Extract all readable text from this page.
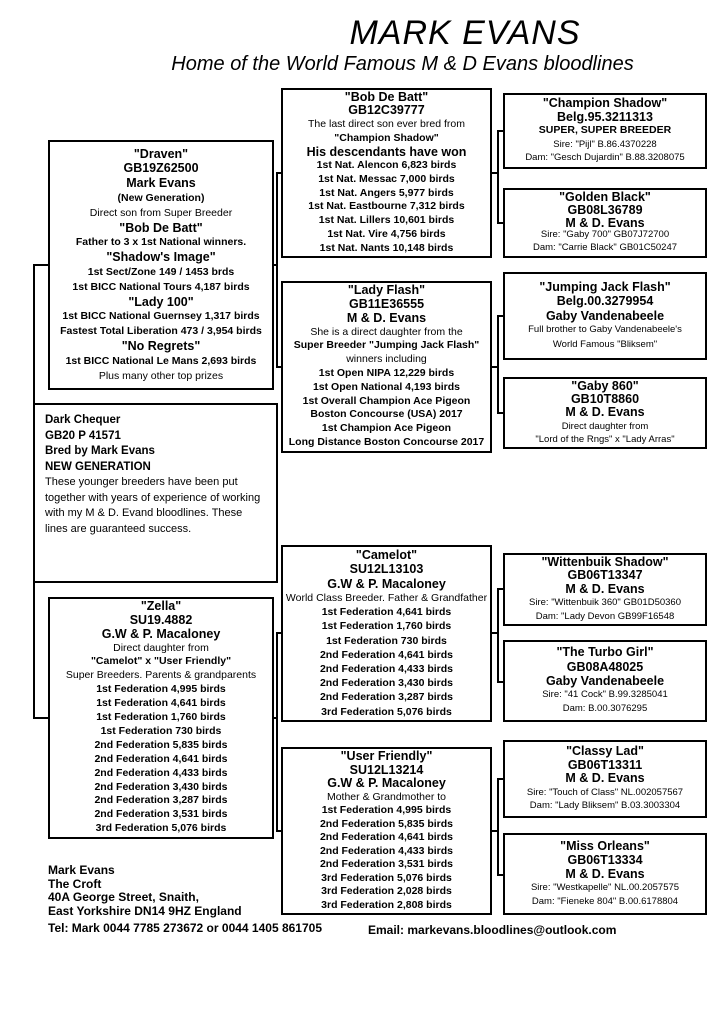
MARK EVANS
Home of the World Famous M & D Evans bloodlines
"Draven"
GB19Z62500
Mark Evans
(New Generation)
Direct son from Super Breeder
"Bob De Batt"
Father to 3 x 1st National winners.
"Shadow's Image"
1st Sect/Zone 149 / 1453 brds
1st BICC National Tours 4,187 birds
"Lady 100"
1st BICC National Guernsey 1,317 birds
Fastest Total Liberation 473 / 3,954 birds
"No Regrets"
1st BICC National Le Mans 2,693 birds
Plus many other top prizes
Dark Chequer
GB20 P 41571
Bred by Mark Evans
NEW GENERATION
These younger breeders have been put
together with years of experience of working
with my M & D. Evand bloodlines. These
lines are guaranteed success.
"Zella"
SU19.4882
G.W & P. Macaloney
Direct daughter from
"Camelot" x "User Friendly"
Super Breeders. Parents & grandparents
1st Federation 4,995 birds
1st Federation 4,641 birds
1st Federation 1,760 birds
1st Federation 730 birds
2nd Federation 5,835 birds
2nd Federation 4,641 birds
2nd Federation 4,433 birds
2nd Federation 3,430 birds
2nd Federation 3,287 birds
2nd Federation 3,531 birds
3rd Federation 5,076 birds
"Bob De Batt"
GB12C39777
The last direct son ever bred from
"Champion Shadow"
His descendants have won
1st Nat. Alencon 6,823 birds
1st Nat. Messac 7,000 birds
1st Nat. Angers 5,977 birds
1st Nat. Eastbourne 7,312 birds
1st Nat. Lillers 10,601 birds
1st Nat. Vire 4,756 birds
1st Nat. Nants 10,148 birds
"Lady Flash"
GB11E36555
M & D. Evans
She is a direct daughter from the
Super Breeder "Jumping Jack Flash"
winners including
1st Open NIPA 12,229 birds
1st Open National 4,193 birds
1st Overall Champion Ace Pigeon
Boston Concourse (USA) 2017
1st Champion Ace Pigeon
Long Distance Boston Concourse 2017
"Camelot"
SU12L13103
G.W & P. Macaloney
World Class Breeder. Father & Grandfather
1st Federation 4,641 birds
1st Federation 1,760 birds
1st Federation 730 birds
2nd Federation 4,641 birds
2nd Federation 4,433 birds
2nd Federation 3,430 birds
2nd Federation 3,287 birds
3rd Federation 5,076 birds
"User Friendly"
SU12L13214
G.W & P. Macaloney
Mother & Grandmother to
1st Federation 4,995 birds
2nd Federation 5,835 birds
2nd Federation 4,641 birds
2nd Federation 4,433 birds
2nd Federation 3,531 birds
3rd Federation 5,076 birds
3rd Federation 2,028 birds
3rd Federation 2,808 birds
"Champion Shadow"
Belg.95.3211313
SUPER, SUPER BREEDER
Sire: "Pijl" B.86.4370228
Dam: "Gesch Dujardin" B.88.3208075
"Golden Black"
GB08L36789
M & D. Evans
Sire: "Gaby 700" GB07J72700
Dam: "Carrie Black" GB01C50247
"Jumping Jack Flash"
Belg.00.3279954
Gaby Vandenabeele
Full brother to Gaby Vandenabeele's
World Famous "Bliksem"
"Gaby 860"
GB10T8860
M & D. Evans
Direct daughter from
"Lord of the Rngs" x "Lady Arras"
"Wittenbuik Shadow"
GB06T13347
M & D. Evans
Sire: "Wittenbuik 360" GB01D50360
Dam: "Lady Devon GB99F16548
"The Turbo Girl"
GB08A48025
Gaby Vandenabeele
Sire: "41 Cock" B.99.3285041
Dam: B.00.3076295
"Classy Lad"
GB06T13311
M & D. Evans
Sire: "Touch of Class" NL.002057567
Dam: "Lady Bliksem" B.03.3003304
"Miss Orleans"
GB06T13334
M & D. Evans
Sire: "Westkapelle" NL.00.2057575
Dam: "Fieneke 804" B.00.6178804
Mark Evans
The Croft
40A George Street, Snaith,
East Yorkshire DN14 9HZ England
Tel: Mark 0044 7785 273672 or 0044 1405 861705	Email: markevans.bloodlines@outlook.com
